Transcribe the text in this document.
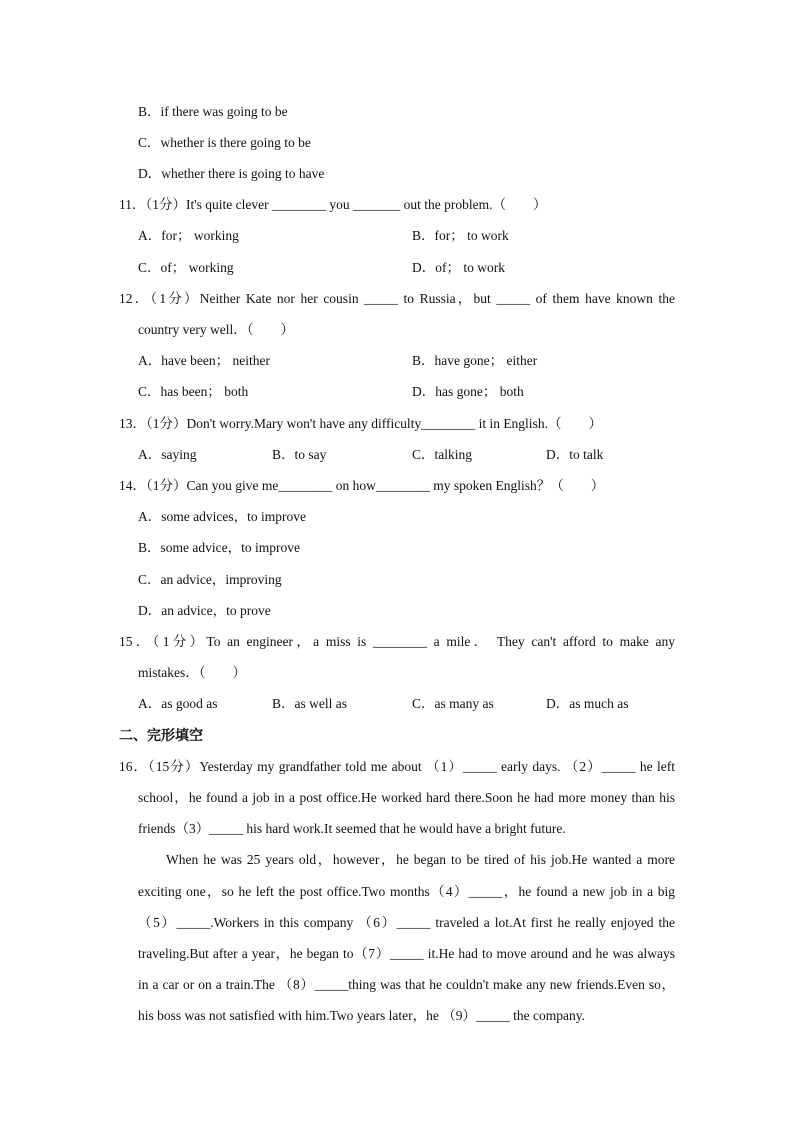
B．if there was going to be
C．whether is there going to be
D．whether there is going to have
11．（1分）It's quite clever ________ you _______ out the problem.（　　）
A．for； working	B．for； to work
C．of； working	D．of； to work
12．（1分）Neither Kate nor her cousin _____ to Russia，but _____ of them have known the
country very well．（　　）
A．have been； neither	B．have gone； either
C．has been； both	D．has gone； both
13．（1分）Don't worry.Mary won't have any difficulty________ it in English.（　　）
A．saying	B．to say	C．talking	D．to talk
14．（1分）Can you give me________ on how________ my spoken English？（　　）
A．some advices，to improve
B．some advice，to improve
C．an advice，improving
D．an advice，to prove
15．（1分）To an engineer，a miss is ________ a mile． They can't afford to make any
mistakes．（　　）
A．as good as	B．as well as	C．as many as	D．as much as
二、完形填空
16．（15分）Yesterday my grandfather told me about （1）_____ early days. （2）_____ he left
school，he found a job in a post office.He worked hard there.Soon he had more money than his
friends（3）_____ his hard work.It seemed that he would have a bright future.
When he was 25 years old，however，he began to be tired of his job.He wanted a more
exciting one，so he left the post office.Two months（4）_____，he found a new job in a big
（5）_____.Workers in this company （6）_____ traveled a lot.At first he really enjoyed the
traveling.But after a year，he began to（7）_____ it.He had to move around and he was always
in a car or on a train.The （8）_____thing was that he couldn't make any new friends.Even so，
his boss was not satisfied with him.Two years later，he （9）_____ the company.
